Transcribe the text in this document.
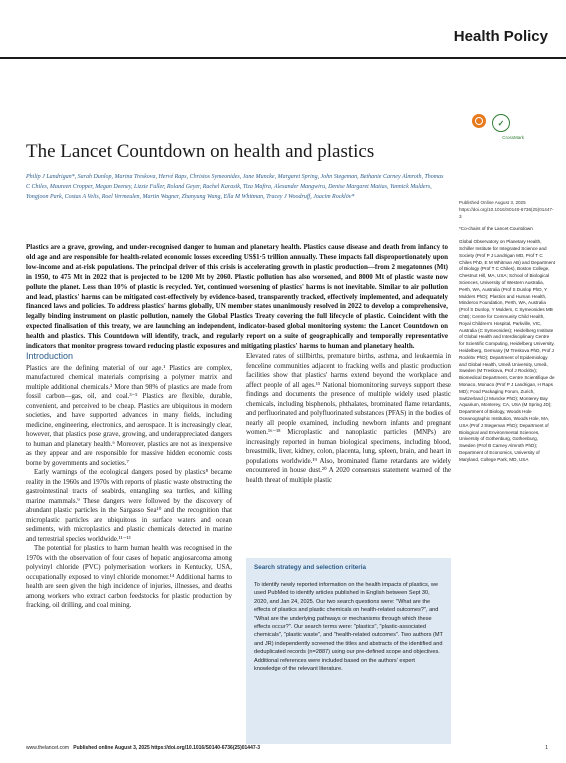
Health Policy
The Lancet Countdown on health and plastics
✓
CrossMark

Philip J Landrigan*, Sarah Dunlop, Marina Treskova, Hervé Raps, Christos Symeonides, Jane Muncke, Margaret Spring, John Stegeman, Bethanie Carney Almroth, Thomas C Chiles, Maureen Cropper, Megan Deeney, Lizzie Fuller, Roland Geyer, Rachel Karasik, Tiza Mafira, Alexander Mangwiru, Denise Margaret Matias, Yannick Mulders, Yongjoon Park, Costas A Velis, Roel Vermeulen, Martin Wagner, Zhanyung Wang, Ella M Whitman, Tracey J Woodruff, Joacim Rocklöv*

Plastics are a grave, growing, and under-recognised danger to human and planetary health. Plastics cause disease and death from infancy to old age and are responsible for health-related economic losses exceeding US$1·5 trillion annually. These impacts fall disproportionately upon low-income and at-risk populations. The principal driver of this crisis is accelerating growth in plastic production—from 2 megatonnes (Mt) in 1950, to 475 Mt in 2022 that is projected to be 1200 Mt by 2060. Plastic pollution has also worsened, and 8000 Mt of plastic waste now pollute the planet. Less than 10% of plastic is recycled. Yet, continued worsening of plastics' harms is not inevitable. Similar to air pollution and lead, plastics' harms can be mitigated cost-effectively by evidence-based, transparently tracked, effectively implemented, and adequately financed laws and policies. To address plastics' harms globally, UN member states unanimously resolved in 2022 to develop a comprehensive, legally binding instrument on plastic pollution, namely the Global Plastics Treaty covering the full lifecycle of plastic. Coincident with the expected finalisation of this treaty, we are launching an independent, indicator-based global monitoring system: the Lancet Countdown on health and plastics. This Countdown will identify, track, and regularly report on a suite of geographically and temporally representative indicators that monitor progress toward reducing plastic exposures and mitigating plastics' harms to human and planetary health.

Published Online August 3, 2025 https://doi.org/10.1016/S0140-6736(25)01447-3

*Co-chairs of the Lancet Countdown

Global Observatory on Planetary Health, Schiller Institute for Integrated Science and Society (Prof P J Landrigan MD, Prof T C Chiles PhD, E M Whitman AB) and Department of Biology (Prof T C Chiles), Boston College, Chestnut Hill, MA, USA; School of Biological Sciences, University of Western Australia, Perth, WA, Australia (Prof S Dunlop PhD, Y Mulders PhD); Plastics and Human Health, Minderoo Foundation, Perth, WA, Australia (Prof S Dunlop, Y Mulders, C Symeonides MB ChB); Centre for Community Child Health, Royal Children's Hospital, Parkville, VIC, Australia (C Symeonides); Heidelberg Institute of Global Health and Interdisciplinary Centre for Scientific Computing, Heidelberg University, Heidelberg, Germany (M Treskova PhD, Prof J Rocklöv PhD); Department of Epidemiology and Global Health, Umeå University, Umeå, Sweden (M Treskova, Prof J Rocklöv); Biomedical Department, Centre Scientifique de Monaco, Monaco (Prof P J Landrigan, H Raps MD); Food Packaging Forum, Zurich, Switzerland (J Muncke PhD); Monterey Bay Aquarium, Monterey, CA, USA (M Spring JD); Department of Biology, Woods Hole Oceanographic Institution, Woods Hole, MA, USA (Prof J Stegeman PhD); Department of Biological and Environmental Sciences, University of Gothenburg, Gothenburg, Sweden (Prof B Carney Almroth PhD); Department of Economics, University of Maryland, College Park, MD, USA

Introduction

Plastics are the defining material of our age.¹ Plastics are complex, manufactured chemical materials comprising a polymer matrix and multiple additional chemicals.² More than 98% of plastics are made from fossil carbon—gas, oil, and coal.³⁻⁵ Plastics are flexible, durable, convenient, and perceived to be cheap. Plastics are ubiquitous in modern societies, and have supported advances in many fields, including medicine, engineering, electronics, and aerospace. It is increasingly clear, however, that plastics pose grave, growing, and underappreciated dangers to human and planetary health.⁶ Moreover, plastics are not as inexpensive as they appear and are responsible for massive hidden economic costs borne by governments and societies.⁷

Early warnings of the ecological dangers posed by plastics⁸ became reality in the 1960s and 1970s with reports of plastic waste obstructing the gastrointestinal tracts of seabirds, entangling sea turtles, and killing marine mammals.⁹ These dangers were followed by the discovery of abundant plastic particles in the Sargasso Sea¹⁰ and the recognition that microplastic particles are ubiquitous in surface waters and ocean sediments, with microplastics and plastic chemicals detected in marine and terrestrial species worldwide.¹¹⁻¹³

The potential for plastics to harm human health was recognised in the 1970s with the observation of four cases of hepatic angiosarcoma among polyvinyl chloride (PVC) polymerisation workers in Kentucky, USA, occupationally exposed to vinyl chloride monomer.¹⁴ Additional harms to health are seen given the high incidence of injuries, illnesses, and deaths among workers who extract carbon feedstocks for plastic production by fracking, oil drilling, and coal mining.

Elevated rates of stillbirths, premature births, asthma, and leukaemia in fenceline communities adjacent to fracking wells and plastic production facilities show that plastics' harms extend beyond the workplace and affect people of all ages.¹⁵ National biomonitoring surveys support these findings and documents the presence of multiple widely used plastic chemicals, including bisphenols, phthalates, brominated flame retardants, and perfluorinated and polyfluorinated substances (PFAS) in the bodies of nearly all people examined, including newborn infants and pregnant women.¹⁶⁻¹⁸ Microplastic and nanoplastic particles (MNPs) are increasingly reported in human biological specimens, including blood, breastmilk, liver, kidney, colon, placenta, lung, spleen, brain, and heart in populations worldwide.¹⁹ Also, brominated flame retardants are widely encountered in house dust.²⁰ A 2020 consensus statement warned of the health threat of multiple plastic

Search strategy and selection criteria

To identify newly reported information on the health impacts of plastics, we used PubMed to identify articles published in English between Sept 30, 2020, and Jan 24, 2025. Our two search questions were: "What are the effects of plastics and plastic chemicals on health-related outcomes?", and "What are the underlying pathways or mechanisms through which these effects occur?". Our search terms were: "plastics", "plastic-associated chemicals", "plastic waste", and "health-related outcomes". Two authors (MT and JR) independently screened the titles and abstracts of the identified and deduplicated records (n=2887) using our pre-defined scope and objectives. Additional references were included based on the authors' expert knowledge of the relevant literature.

www.thelancet.com Published online August 3, 2025 https://doi.org/10.1016/S0140-6736(25)01447-3	1
